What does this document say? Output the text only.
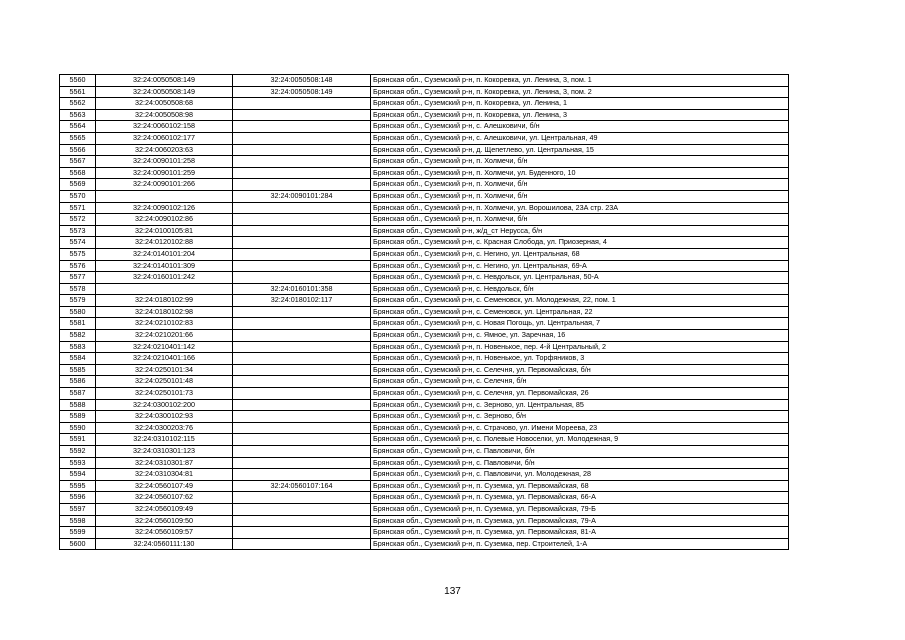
5560	32:24:0050508:149	32:24:0050508:148	Брянская обл., Суземский р-н, п. Кокоревка, ул. Ленина, 3, пом. 1
5561	32:24:0050508:149	32:24:0050508:149	Брянская обл., Суземский р-н, п. Кокоревка, ул. Ленина, 3, пом. 2
5562	32:24:0050508:68		Брянская обл., Суземский р-н, п. Кокоревка, ул. Ленина, 1
5563	32:24:0050508:98		Брянская обл., Суземский р-н, п. Кокоревка, ул. Ленина, 3
5564	32:24:0060102:158		Брянская обл., Суземский р-н, с. Алешковичи, б/н
5565	32:24:0060102:177		Брянская обл., Суземский р-н, с. Алешковичи, ул. Центральная, 49
5566	32:24:0060203:63		Брянская обл., Суземский р-н, д. Щепетлево, ул. Центральная, 15
5567	32:24:0090101:258		Брянская обл., Суземский р-н, п. Холмечи, б/н
5568	32:24:0090101:259		Брянская обл., Суземский р-н, п. Холмечи, ул. Буденного, 10
5569	32:24:0090101:266		Брянская обл., Суземский р-н, п. Холмечи, б/н
5570		32:24:0090101:284	Брянская обл., Суземский р-н, п. Холмечи, б/н
5571	32:24:0090102:126		Брянская обл., Суземский р-н, п. Холмечи, ул. Ворошилова, 23А стр. 23А
5572	32:24:0090102:86		Брянская обл., Суземский р-н, п. Холмечи, б/н
5573	32:24:0100105:81		Брянская обл., Суземский р-н, ж/д_ст Нерусса, б/н
5574	32:24:0120102:88		Брянская обл., Суземский р-н, с. Красная Слобода, ул. Приозерная, 4
5575	32:24:0140101:204		Брянская обл., Суземский р-н, с. Негино, ул. Центральная, 68
5576	32:24:0140101:309		Брянская обл., Суземский р-н, с. Негино, ул. Центральная, 69-А
5577	32:24:0160101:242		Брянская обл., Суземский р-н, с. Невдольск, ул. Центральная, 50-А
5578		32:24:0160101:358	Брянская обл., Суземский р-н, с. Невдольск, б/н
5579	32:24:0180102:99	32:24:0180102:117	Брянская обл., Суземский р-н, с. Семеновск, ул. Молодежная, 22, пом. 1
5580	32:24:0180102:98		Брянская обл., Суземский р-н, с. Семеновск, ул. Центральная, 22
5581	32:24:0210102:83		Брянская обл., Суземский р-н, с. Новая Погощь, ул. Центральная, 7
5582	32:24:0210201:66		Брянская обл., Суземский р-н, с. Ямное, ул. Заречная, 16
5583	32:24:0210401:142		Брянская обл., Суземский р-н, п. Новенькое, пер. 4-й Центральный, 2
5584	32:24:0210401:166		Брянская обл., Суземский р-н, п. Новенькое, ул. Торфяников, 3
5585	32:24:0250101:34		Брянская обл., Суземский р-н, с. Селечня, ул. Первомайская, б/н
5586	32:24:0250101:48		Брянская обл., Суземский р-н, с. Селечня, б/н
5587	32:24:0250101:73		Брянская обл., Суземский р-н, с. Селечня, ул. Первомайская, 26
5588	32:24:0300102:200		Брянская обл., Суземский р-н, с. Зерново, ул. Центральная, 85
5589	32:24:0300102:93		Брянская обл., Суземский р-н, с. Зерново, б/н
5590	32:24:0300203:76		Брянская обл., Суземский р-н, с. Страчово, ул. Имени Мореева, 23
5591	32:24:0310102:115		Брянская обл., Суземский р-н, с. Полевые Новоселки, ул. Молодежная, 9
5592	32:24:0310301:123		Брянская обл., Суземский р-н, с. Павловичи, б/н
5593	32:24:0310301:87		Брянская обл., Суземский р-н, с. Павловичи, б/н
5594	32:24:0310304:81		Брянская обл., Суземский р-н, с. Павловичи, ул. Молодежная, 28
5595	32:24:0560107:49	32:24:0560107:164	Брянская обл., Суземский р-н, п. Суземка, ул. Первомайская, 68
5596	32:24:0560107:62		Брянская обл., Суземский р-н, п. Суземка, ул. Первомайская, 66-А
5597	32:24:0560109:49		Брянская обл., Суземский р-н, п. Суземка, ул. Первомайская, 79-Б
5598	32:24:0560109:50		Брянская обл., Суземский р-н, п. Суземка, ул. Первомайская, 79-А
5599	32:24:0560109:57		Брянская обл., Суземский р-н, п. Суземка, ул. Первомайская, 81-А
5600	32:24:0560111:130		Брянская обл., Суземский р-н, п. Суземка, пер. Строителей, 1-А
137
